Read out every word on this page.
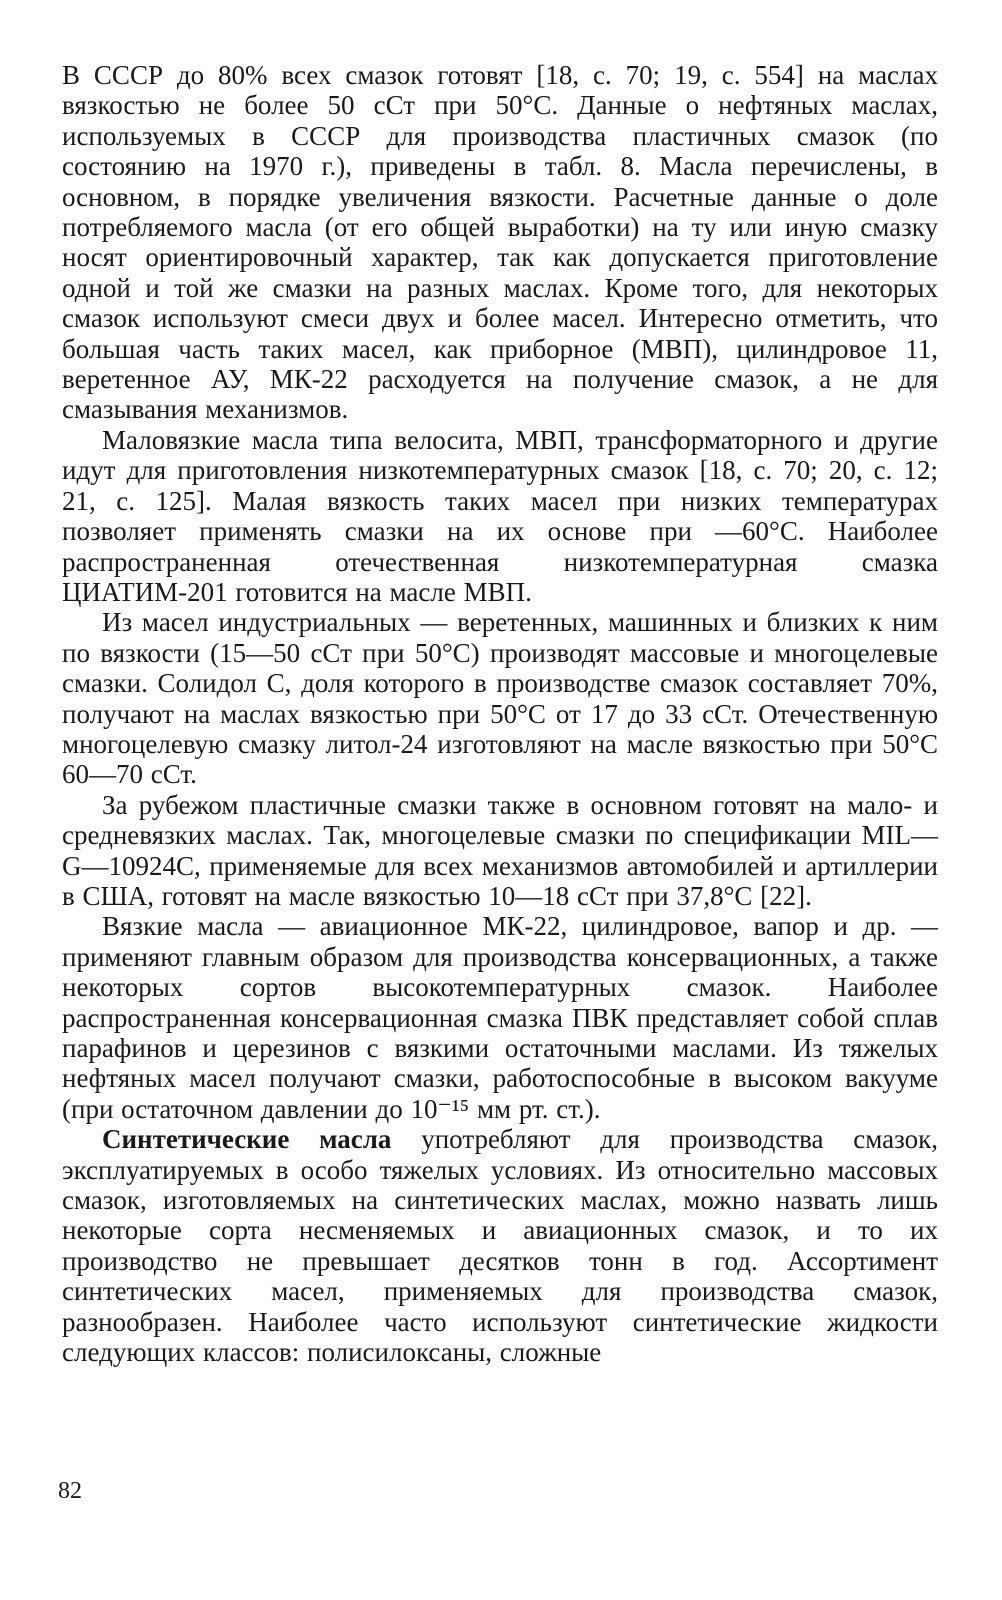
В СССР до 80% всех смазок готовят [18, с. 70; 19, с. 554] на маслах вязкостью не более 50 сСт при 50°С. Данные о нефтяных маслах, используемых в СССР для производства пластичных смазок (по состоянию на 1970 г.), приведены в табл. 8. Масла перечислены, в основном, в порядке увеличения вязкости. Расчетные данные о доле потребляемого масла (от его общей выработки) на ту или иную смазку носят ориентировочный характер, так как допускается приготовление одной и той же смазки на разных маслах. Кроме того, для некоторых смазок используют смеси двух и более масел. Интересно отметить, что большая часть таких масел, как приборное (МВП), цилиндровое 11, веретенное АУ, МК-22 расходуется на получение смазок, а не для смазывания механизмов.

Маловязкие масла типа велосита, МВП, трансформаторного и другие идут для приготовления низкотемпературных смазок [18, с. 70; 20, с. 12; 21, с. 125]. Малая вязкость таких масел при низких температурах позволяет применять смазки на их основе при —60°С. Наиболее распространенная отечественная низкотемпературная смазка ЦИАТИМ-201 готовится на масле МВП.

Из масел индустриальных — веретенных, машинных и близких к ним по вязкости (15—50 сСт при 50°С) производят массовые и многоцелевые смазки. Солидол С, доля которого в производстве смазок составляет 70%, получают на маслах вязкостью при 50°С от 17 до 33 сСт. Отечественную многоцелевую смазку литол-24 изготовляют на масле вязкостью при 50°С 60—70 сСт.

За рубежом пластичные смазки также в основном готовят на мало- и средневязких маслах. Так, многоцелевые смазки по спецификации MIL—G—10924C, применяемые для всех механизмов автомобилей и артиллерии в США, готовят на масле вязкостью 10—18 сСт при 37,8°С [22].

Вязкие масла — авиационное МК-22, цилиндровое, вапор и др. — применяют главным образом для производства консервационных, а также некоторых сортов высокотемпературных смазок. Наиболее распространенная консервационная смазка ПВК представляет собой сплав парафинов и церезинов с вязкими остаточными маслами. Из тяжелых нефтяных масел получают смазки, работоспособные в высоком вакууме (при остаточном давлении до 10⁻¹⁵ мм рт. ст.).

Синтетические масла употребляют для производства смазок, эксплуатируемых в особо тяжелых условиях. Из относительно массовых смазок, изготовляемых на синтетических маслах, можно назвать лишь некоторые сорта несменяемых и авиационных смазок, и то их производство не превышает десятков тонн в год. Ассортимент синтетических масел, применяемых для производства смазок, разнообразен. Наиболее часто используют синтетические жидкости следующих классов: полисилоксаны, сложные

82
